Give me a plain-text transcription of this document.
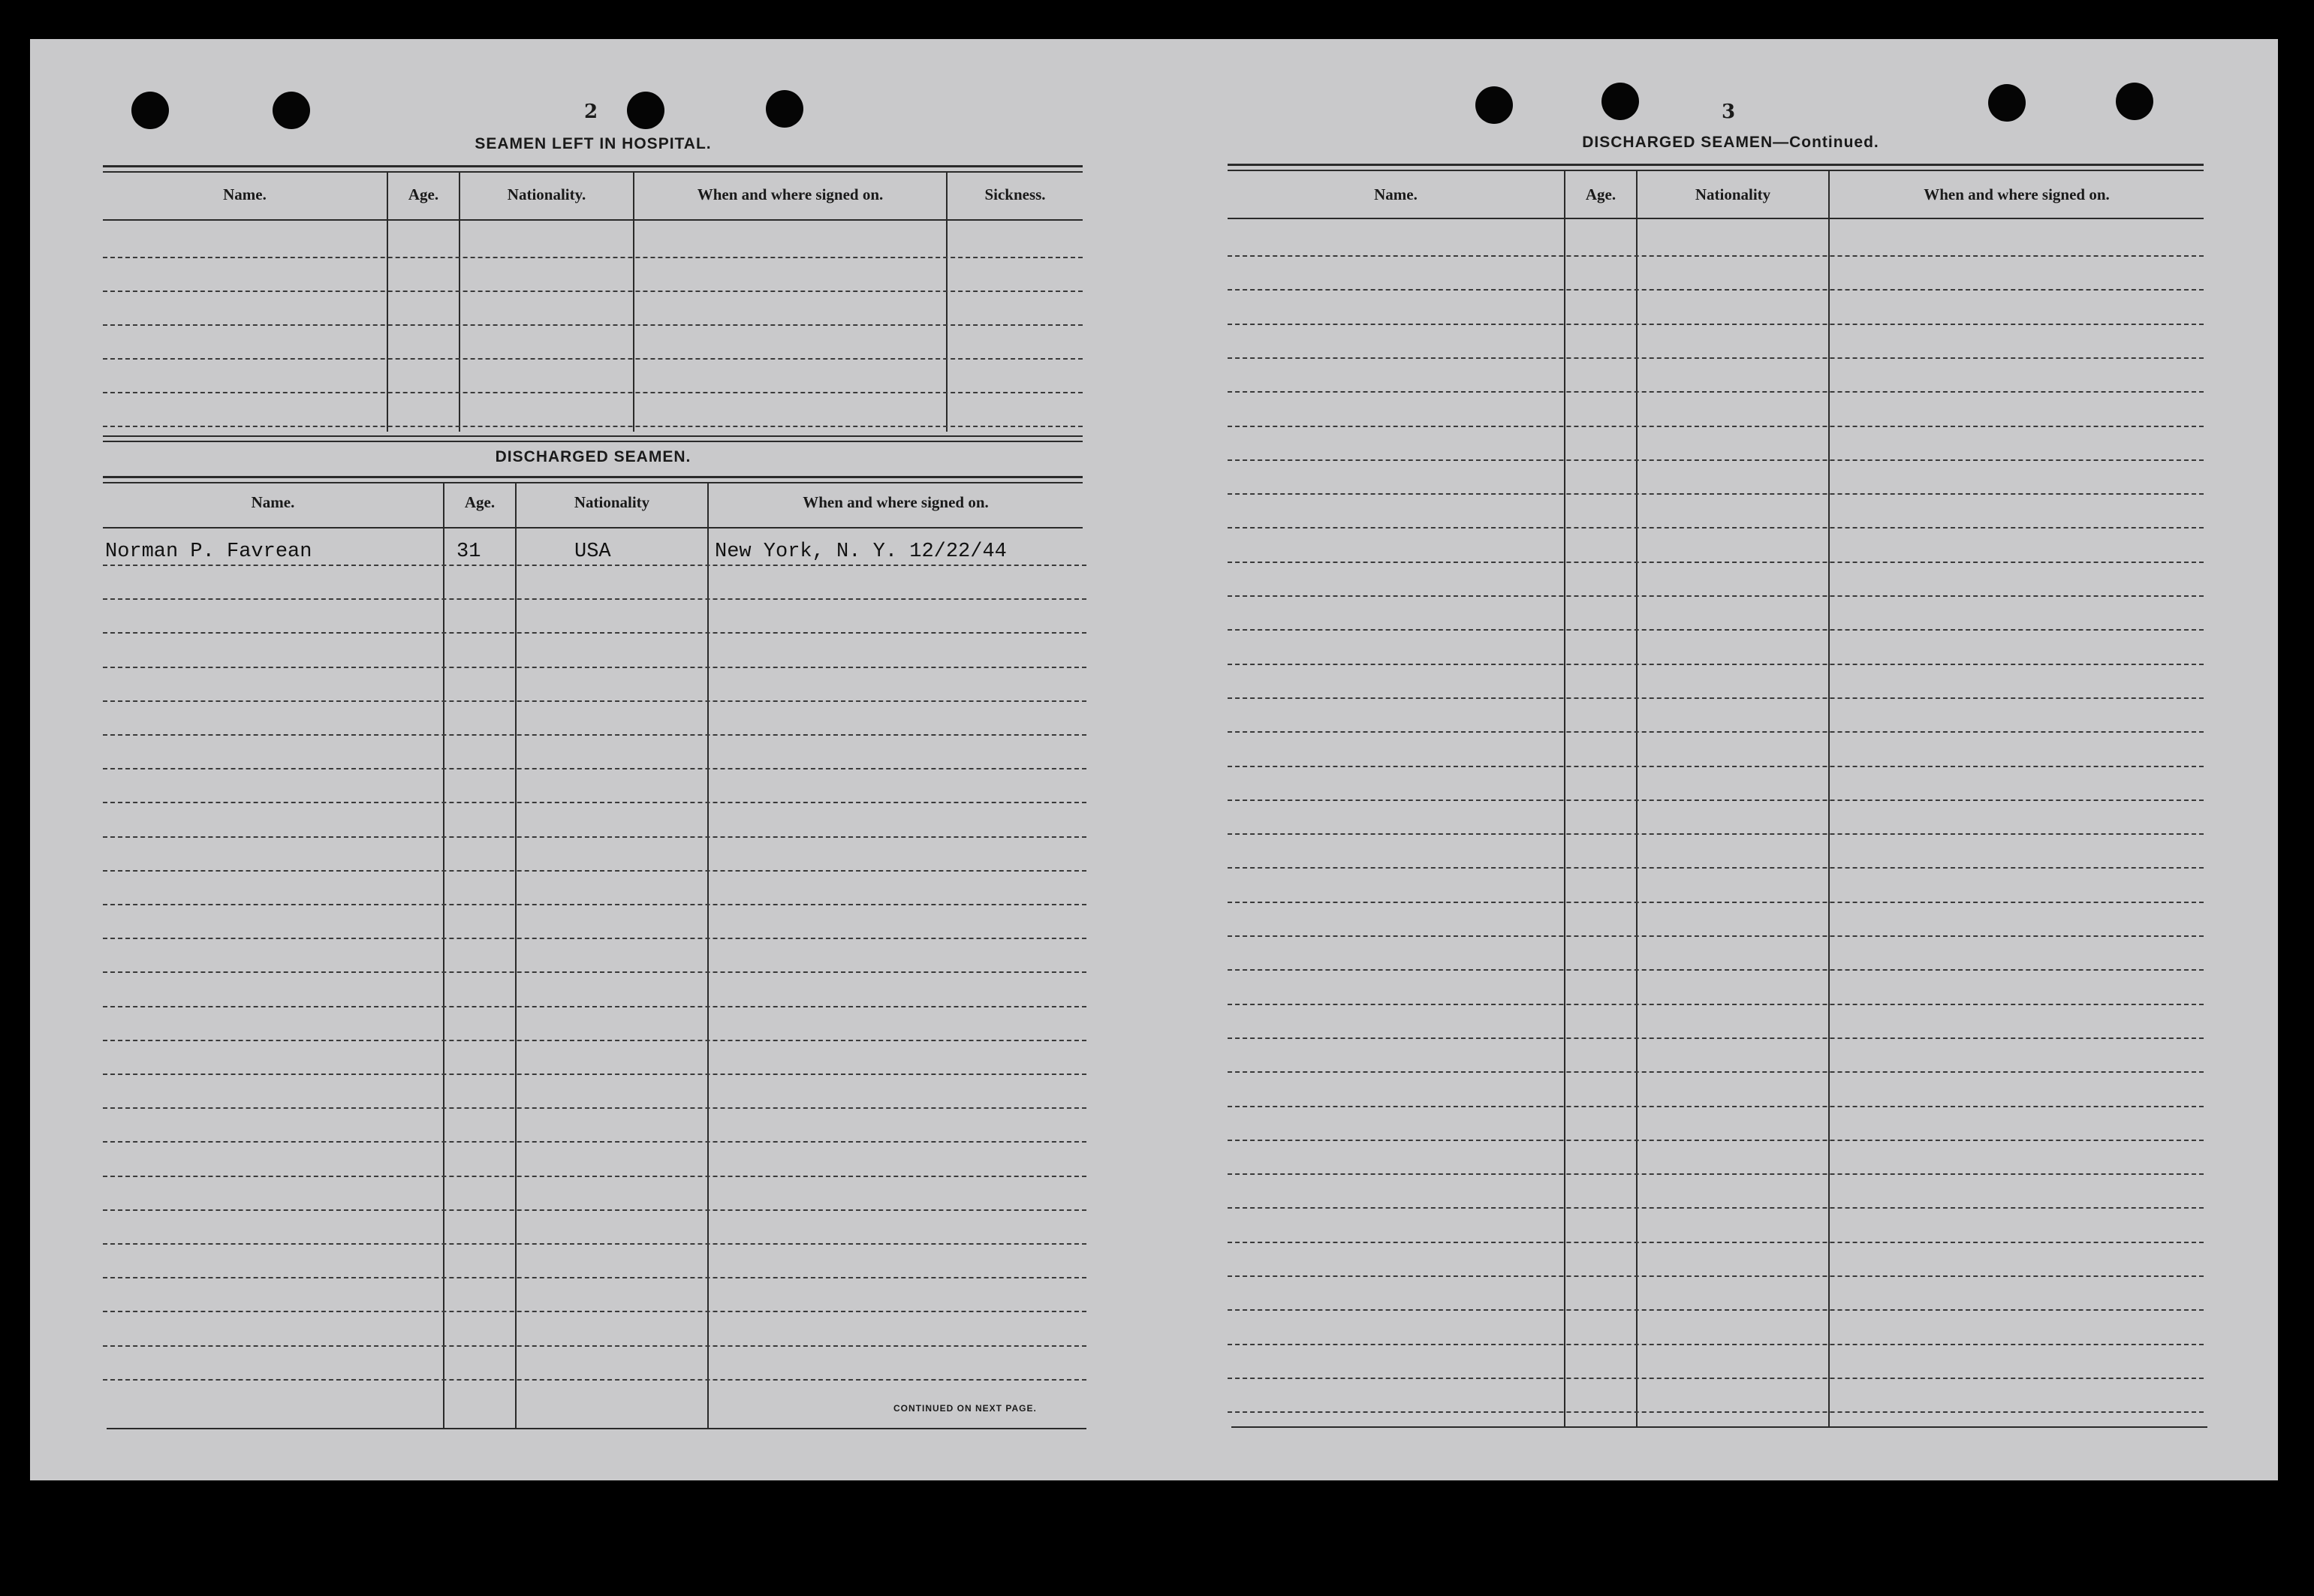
2
SEAMEN LEFT IN HOSPITAL.
Name.	Age.	Nationality.	When and where signed on.	Sickness.
DISCHARGED SEAMEN.
Name.	Age.	Nationality	When and where signed on.
Norman P. Favrean	31	USA	New York, N. Y. 12/22/44
CONTINUED ON NEXT PAGE.
3
DISCHARGED SEAMEN—Continued.
Name.	Age.	Nationality	When and where signed on.
